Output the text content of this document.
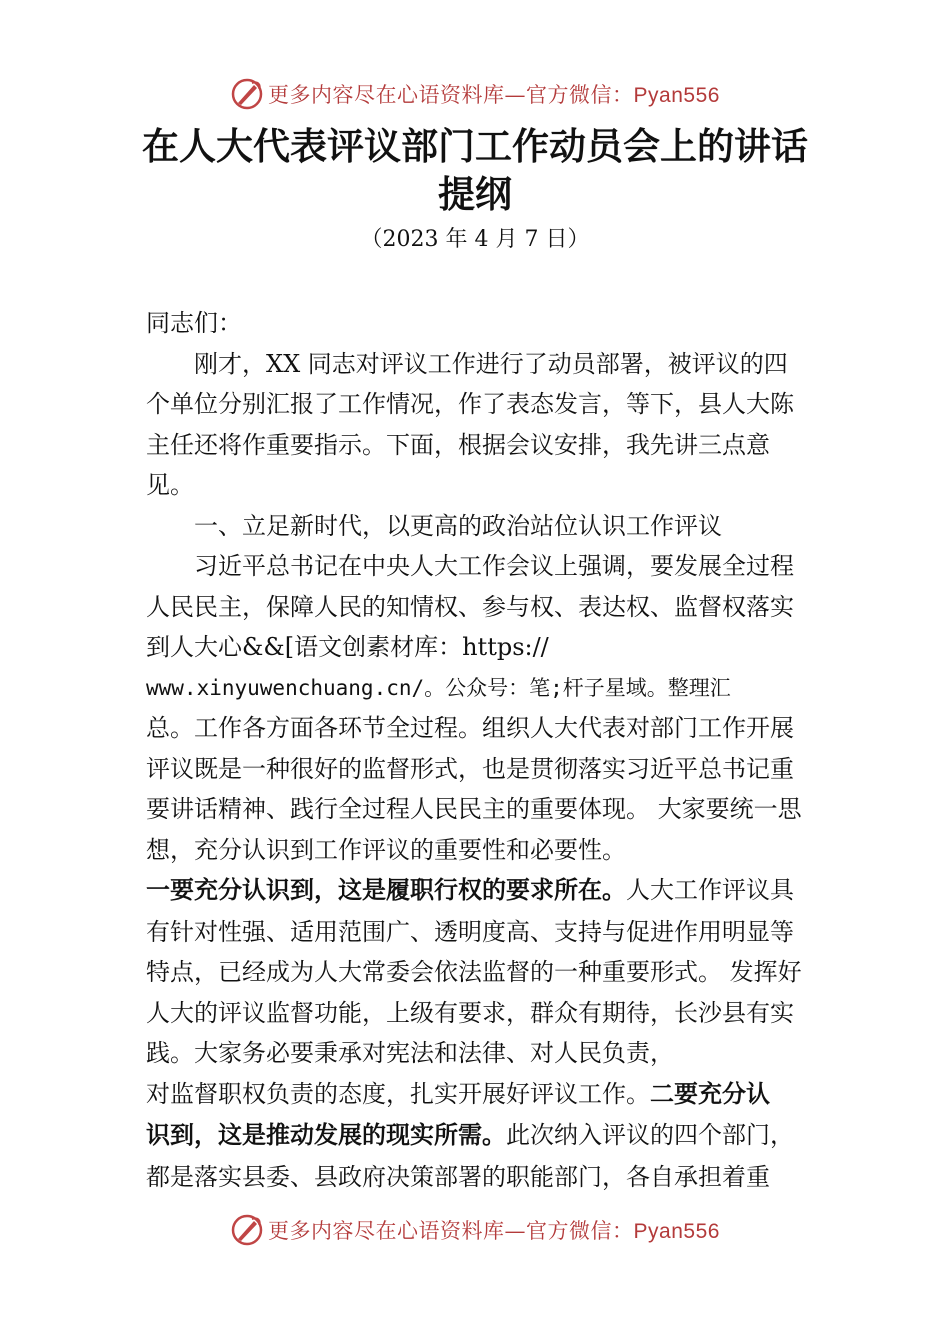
更多内容尽在心语资料库—官方微信：Pyan556
在人大代表评议部门工作动员会上的讲话
提纲
（2023 年 4 月 7 日）

同志们：

刚才，XX 同志对评议工作进行了动员部署，被评议的四个单位分别汇报了工作情况，作了表态发言，等下，县人大陈主任还将作重要指示。下面，根据会议安排，我先讲三点意见。

一、立足新时代，以更高的政治站位认识工作评议

习近平总书记在中央人大工作会议上强调，要发展全过程人民民主，保障人民的知情权、参与权、表达权、监督权落实到人大心&&[语文创素材库：https://
www.xinyuwenchuang.cn/。公众号：笔;杆子星域。整理汇
总。工作各方面各环节全过程。组织人大代表对部门工作开展评议既是一种很好的监督形式，也是贯彻落实习近平总书记重要讲话精神、践行全过程人民民主的重要体现。 大家要统一思想，充分认识到工作评议的重要性和必要性。

一要充分认识到，这是履职行权的要求所在。人大工作评议具有针对性强、适用范围广、透明度高、支持与促进作用明显等特点，已经成为人大常委会依法监督的一种重要形式。 发挥好人大的评议监督功能，上级有要求，群众有期待，长沙县有实践。大家务必要秉承对宪法和法律、对人民负责，

对监督职权负责的态度，扎实开展好评议工作。二要充分认

识到，这是推动发展的现实所需。此次纳入评议的四个部门，都是落实县委、县政府决策部署的职能部门，各自承担着重

更多内容尽在心语资料库—官方微信：Pyan556
